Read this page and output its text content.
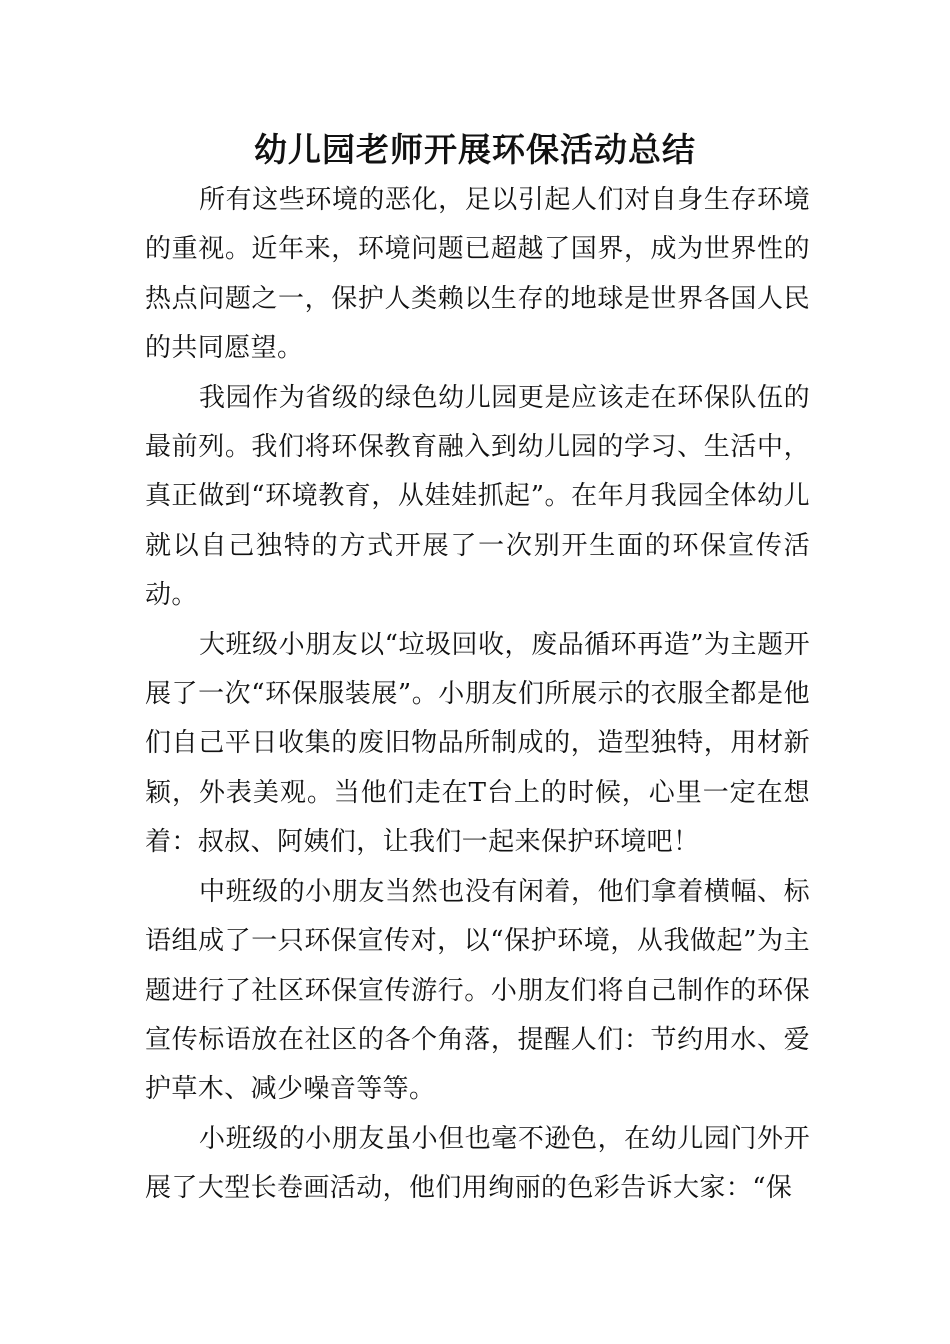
幼儿园老师开展环保活动总结

所有这些环境的恶化，足以引起人们对自身生存环境的重视。近年来，环境问题已超越了国界，成为世界性的热点问题之一，保护人类赖以生存的地球是世界各国人民的共同愿望。

我园作为省级的绿色幼儿园更是应该走在环保队伍的最前列。我们将环保教育融入到幼儿园的学习、生活中，真正做到“环境教育，从娃娃抓起”。在年月我园全体幼儿就以自己独特的方式开展了一次别开生面的环保宣传活动。

大班级小朋友以“垃圾回收，废品循环再造”为主题开展了一次“环保服装展”。小朋友们所展示的衣服全都是他们自己平日收集的废旧物品所制成的，造型独特，用材新颖，外表美观。当他们走在T台上的时候，心里一定在想着：叔叔、阿姨们，让我们一起来保护环境吧！

中班级的小朋友当然也没有闲着，他们拿着横幅、标语组成了一只环保宣传对，以“保护环境，从我做起”为主题进行了社区环保宣传游行。小朋友们将自己制作的环保宣传标语放在社区的各个角落，提醒人们：节约用水、爱护草木、减少噪音等等。

小班级的小朋友虽小但也毫不逊色，在幼儿园门外开展了大型长卷画活动，他们用绚丽的色彩告诉大家：“保
